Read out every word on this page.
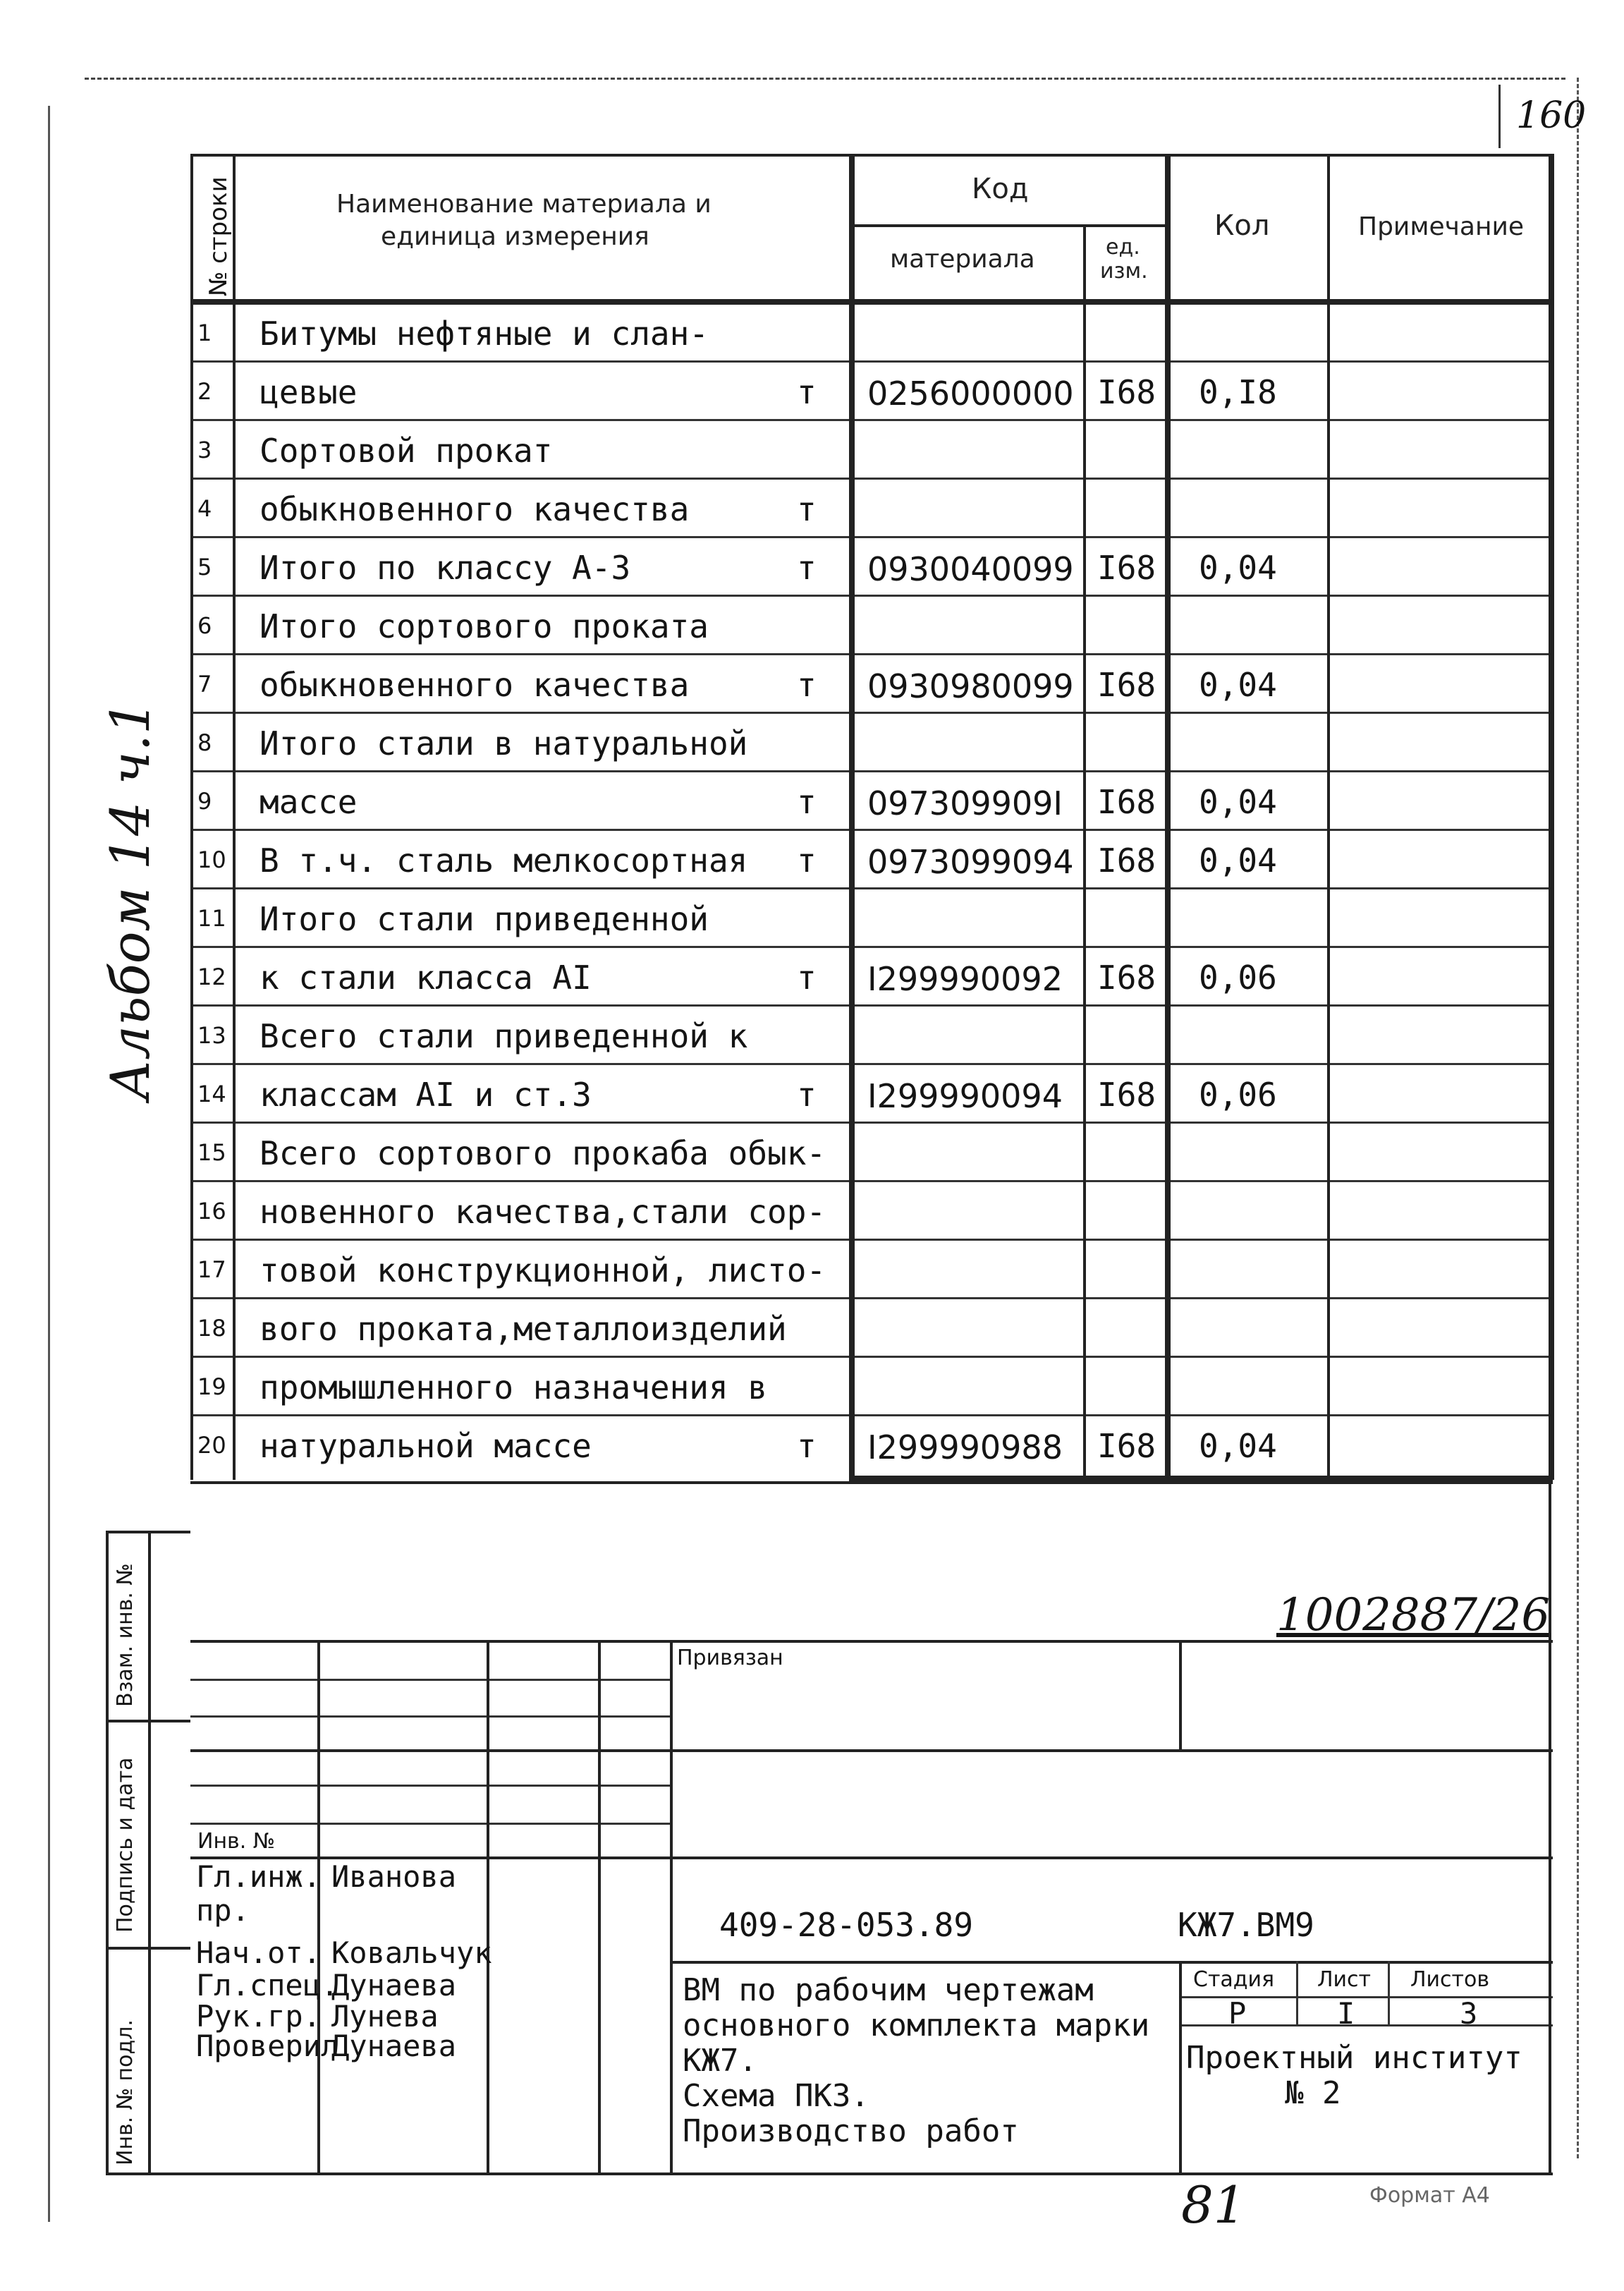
160
Наименование материала и
единица измерения
Код
материала	ед.
изм.
Кол	Примечание
№ строки
1 Битумы нефтяные и слан-
2 цевые	т 0256000000 I68 0,I8
3 Сортовой прокат
4 обыкновенного качества	т
5 Итого по классу А-3	т 0930040099 I68 0,04
6 Итого сортового проката
7 обыкновенного качества	т 0930980099 I68 0,04
8 Итого стали в натуральной
9 массе	т 097309909I I68 0,04
10 В т.ч. сталь мелкосортная т 0973099094 I68 0,04
11 Итого стали приведенной
12 к стали класса AI	т I299990092 I68 0,06
13 Всего стали приведенной к
14 классам AI и ст.3	т I299990094 I68 0,06
15 Всего сортового прокаба обык-
16 новенного качества,стали сор-
17 товой конструкционной, листо-
18 вого проката,металлоизделий
19 промышленного назначения в
20 натуральной массе	т I299990988 I68 0,04
Альбом 14 ч.1
1002887/26
Взам. инв. №
Подпись и дата
Инв. № подл.
Привязан
Инв. №
Гл.инж. Иванова
пр.
Нач.от. Ковальчук
Гл.спец.
Дунаева
Рук.гр. Лунева
Проверил
Дунаева
409-28-053.89	КЖ7.ВМ9
ВМ по рабочим чертежам
основного комплекта марки
КЖ7.
Схема ПКЗ.
Производство работ
Стадия Лист Листов
Р	I	3
Проектный институт
№ 2
81	Формат А4
